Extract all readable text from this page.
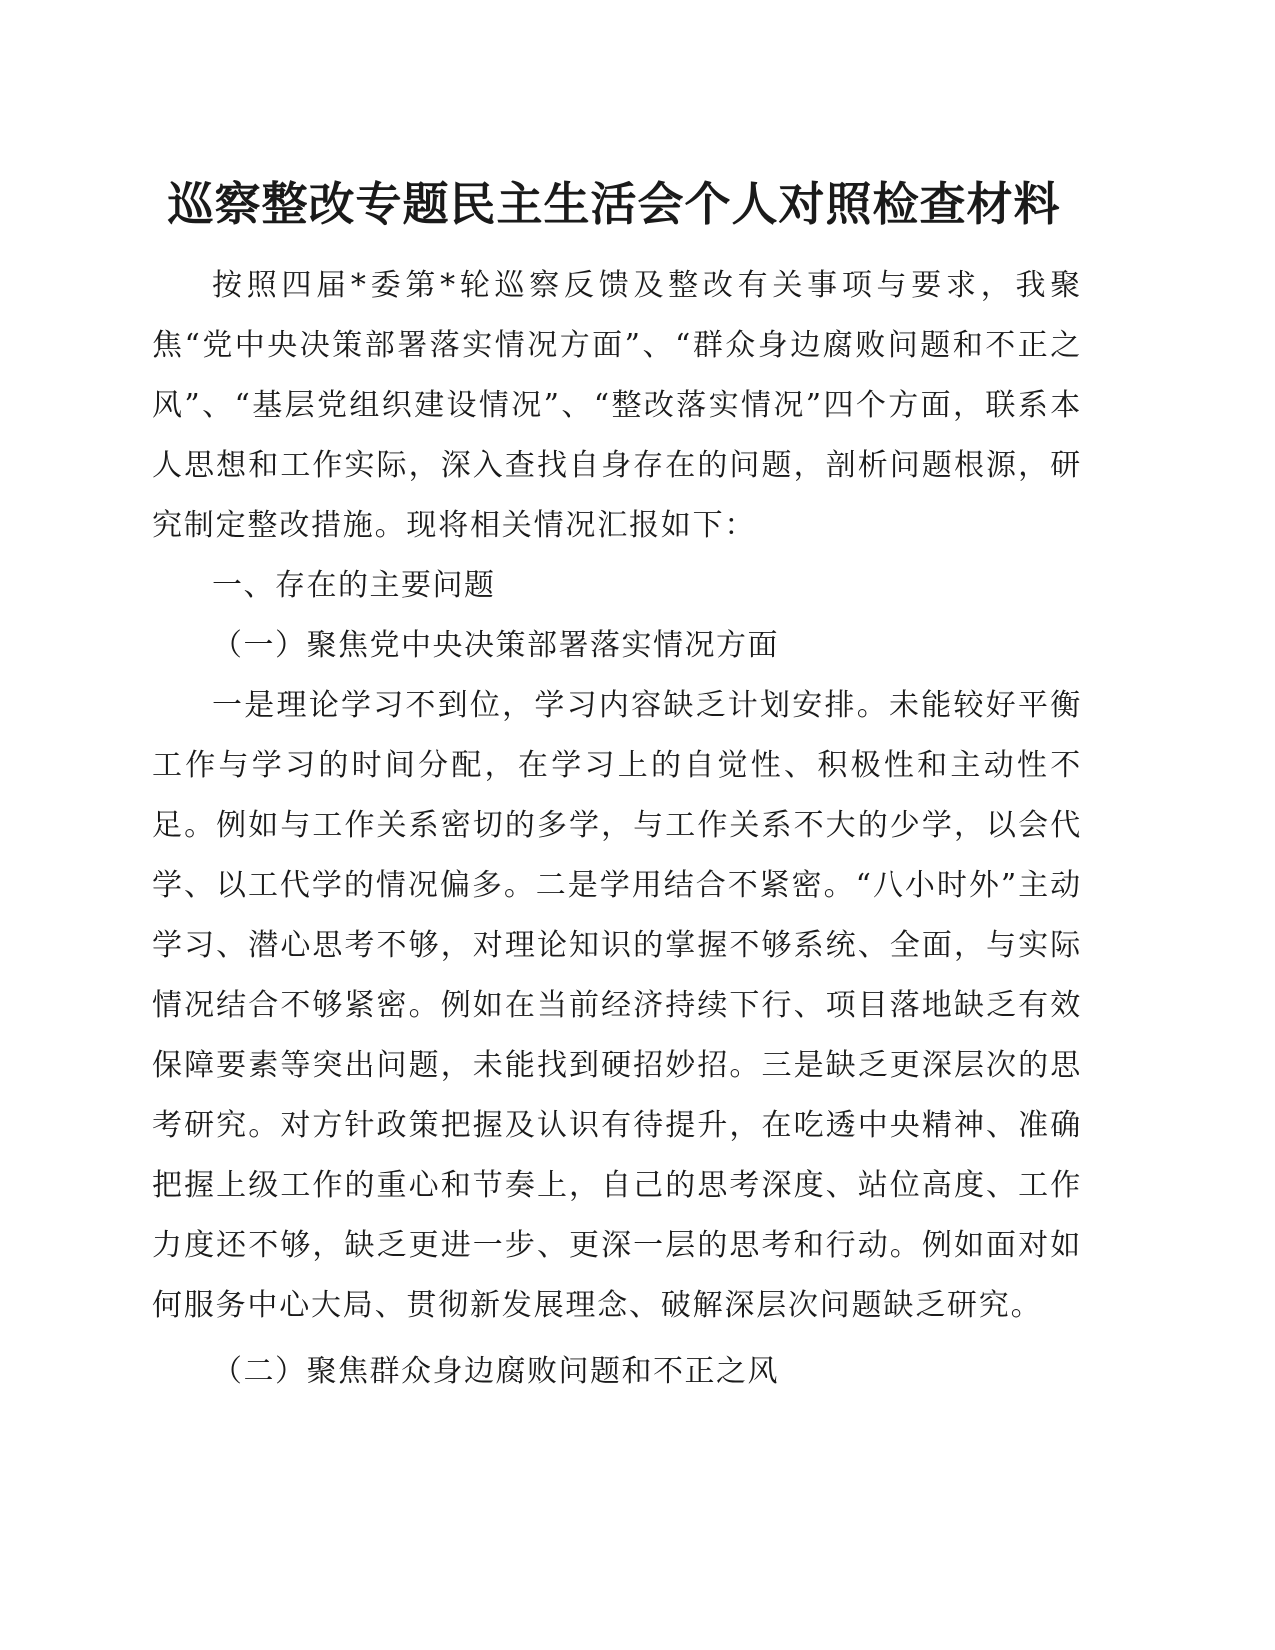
巡察整改专题民主生活会个人对照检查材料

按照四届*委第*轮巡察反馈及整改有关事项与要求，我聚焦“党中央决策部署落实情况方面”、“群众身边腐败问题和不正之风”、“基层党组织建设情况”、“整改落实情况”四个方面，联系本人思想和工作实际，深入查找自身存在的问题，剖析问题根源，研究制定整改措施。现将相关情况汇报如下：

一、存在的主要问题

（一）聚焦党中央决策部署落实情况方面

一是理论学习不到位，学习内容缺乏计划安排。未能较好平衡工作与学习的时间分配，在学习上的自觉性、积极性和主动性不足。例如与工作关系密切的多学，与工作关系不大的少学，以会代学、以工代学的情况偏多。二是学用结合不紧密。“八小时外”主动学习、潜心思考不够，对理论知识的掌握不够系统、全面，与实际情况结合不够紧密。例如在当前经济持续下行、项目落地缺乏有效保障要素等突出问题，未能找到硬招妙招。三是缺乏更深层次的思考研究。对方针政策把握及认识有待提升，在吃透中央精神、准确把握上级工作的重心和节奏上，自己的思考深度、站位高度、工作力度还不够，缺乏更进一步、更深一层的思考和行动。例如面对如何服务中心大局、贯彻新发展理念、破解深层次问题缺乏研究。

（二）聚焦群众身边腐败问题和不正之风
